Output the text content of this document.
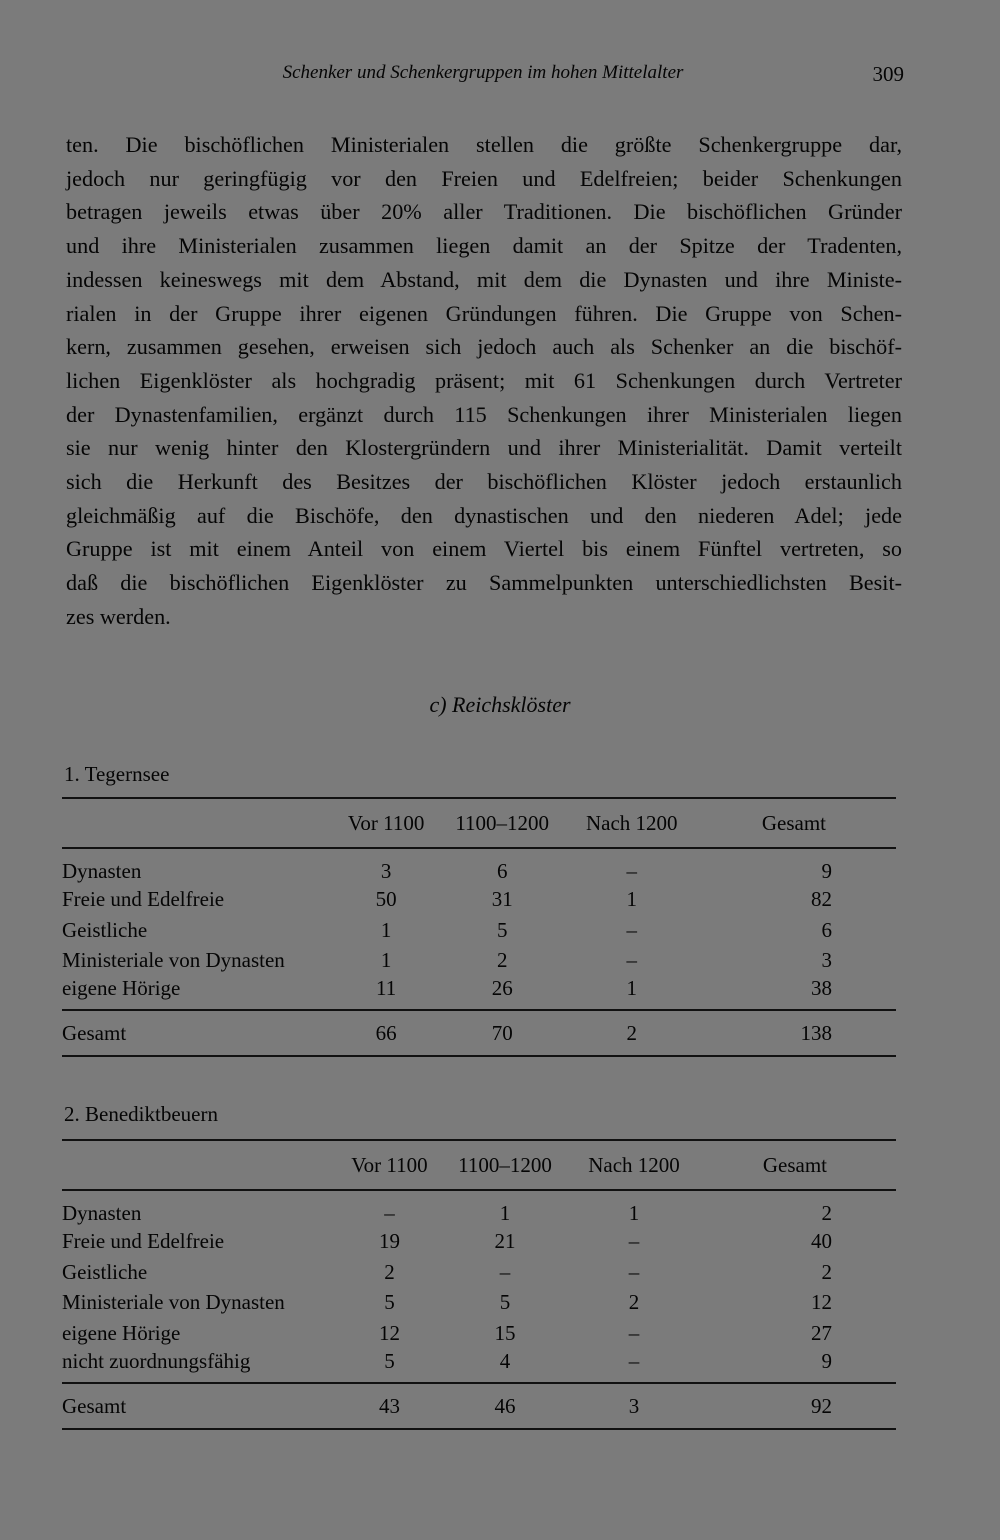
Schenker und Schenkergruppen im hohen Mittelalter	309
ten. Die bischöflichen Ministerialen stellen die größte Schenkergruppe dar,
jedoch nur geringfügig vor den Freien und Edelfreien; beider Schenkungen
betragen jeweils etwas über 20% aller Traditionen. Die bischöflichen Gründer
und ihre Ministerialen zusammen liegen damit an der Spitze der Tradenten,
indessen keineswegs mit dem Abstand, mit dem die Dynasten und ihre Ministe-
rialen in der Gruppe ihrer eigenen Gründungen führen. Die Gruppe von Schen-
kern, zusammen gesehen, erweisen sich jedoch auch als Schenker an die bischöf-
lichen Eigenklöster als hochgradig präsent; mit 61 Schenkungen durch Vertreter
der Dynastenfamilien, ergänzt durch 115 Schenkungen ihrer Ministerialen liegen
sie nur wenig hinter den Klostergründern und ihrer Ministerialität. Damit verteilt
sich die Herkunft des Besitzes der bischöflichen Klöster jedoch erstaunlich
gleichmäßig auf die Bischöfe, den dynastischen und den niederen Adel; jede
Gruppe ist mit einem Anteil von einem Viertel bis einem Fünftel vertreten, so
daß die bischöflichen Eigenklöster zu Sammelpunkten unterschiedlichsten Besit-
zes werden.
c) Reichsklöster
1. Tegernsee
	Vor 1100	1100–1200	Nach 1200	Gesamt
Dynasten	3	6	–	9
Freie und Edelfreie	50	31	1	82
Geistliche	1	5	–	6
Ministeriale von Dynasten	1	2	–	3
eigene Hörige	11	26	1	38
Gesamt	66	70	2	138
2. Benediktbeuern
	Vor 1100	1100–1200	Nach 1200	Gesamt
Dynasten	–	1	1	2
Freie und Edelfreie	19	21	–	40
Geistliche	2	–	–	2
Ministeriale von Dynasten	5	5	2	12
eigene Hörige	12	15	–	27
nicht zuordnungsfähig	5	4	–	9
Gesamt	43	46	3	92
